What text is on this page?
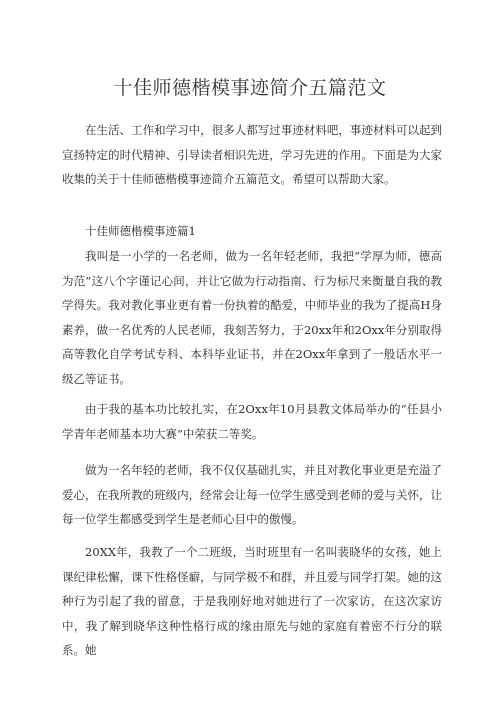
十佳师德楷模事迹简介五篇范文

在生活、工作和学习中，很多人都写过事迹材料吧，事迹材料可以起到宣扬特定的时代精神、引导读者相识先进，学习先进的作用。下面是为大家收集的关于十佳师德楷模事迹简介五篇范文。希望可以帮助大家。

十佳师德楷模事迹篇1

我叫是一小学的一名老师，做为一名年轻老师，我把“学厚为师，德高为范”这八个字谨记心间，并让它做为行动指南、行为标尺来衡量自我的教学得失。我对教化事业更有着一份执着的酷爱，中师毕业的我为了提高H身素养，做一名优秀的人民老师，我刻苦努力，于20xx年和2Oxx年分别取得高等教化自学考试专科、本科毕业证书，并在2Oxx年拿到了一般话水平一级乙等证书。

由于我的基本功比较扎实，在2Oxx年10月县教文体局举办的“任县小学青年老师基本功大赛”中荣获二等奖。

做为一名年轻的老师，我不仅仅基础扎实，并且对教化事业更是充溢了爱心，在我所教的班级内，经常会让每一位学生感受到老师的爱与关怀，让每一位学生都感受到学生是老师心目中的傲慢。

20XX年，我教了一个二班级，当时班里有一名叫裴晓华的女孩，她上课纪律松懈，课下性格怪癖，与同学极不和群，并且爱与同学打架。她的这种行为引起了我的留意，于是我刚好地对她进行了一次家访，在这次家访中，我了解到晓华这种性格行成的缘由原先与她的家庭有着密不行分的联系。她
